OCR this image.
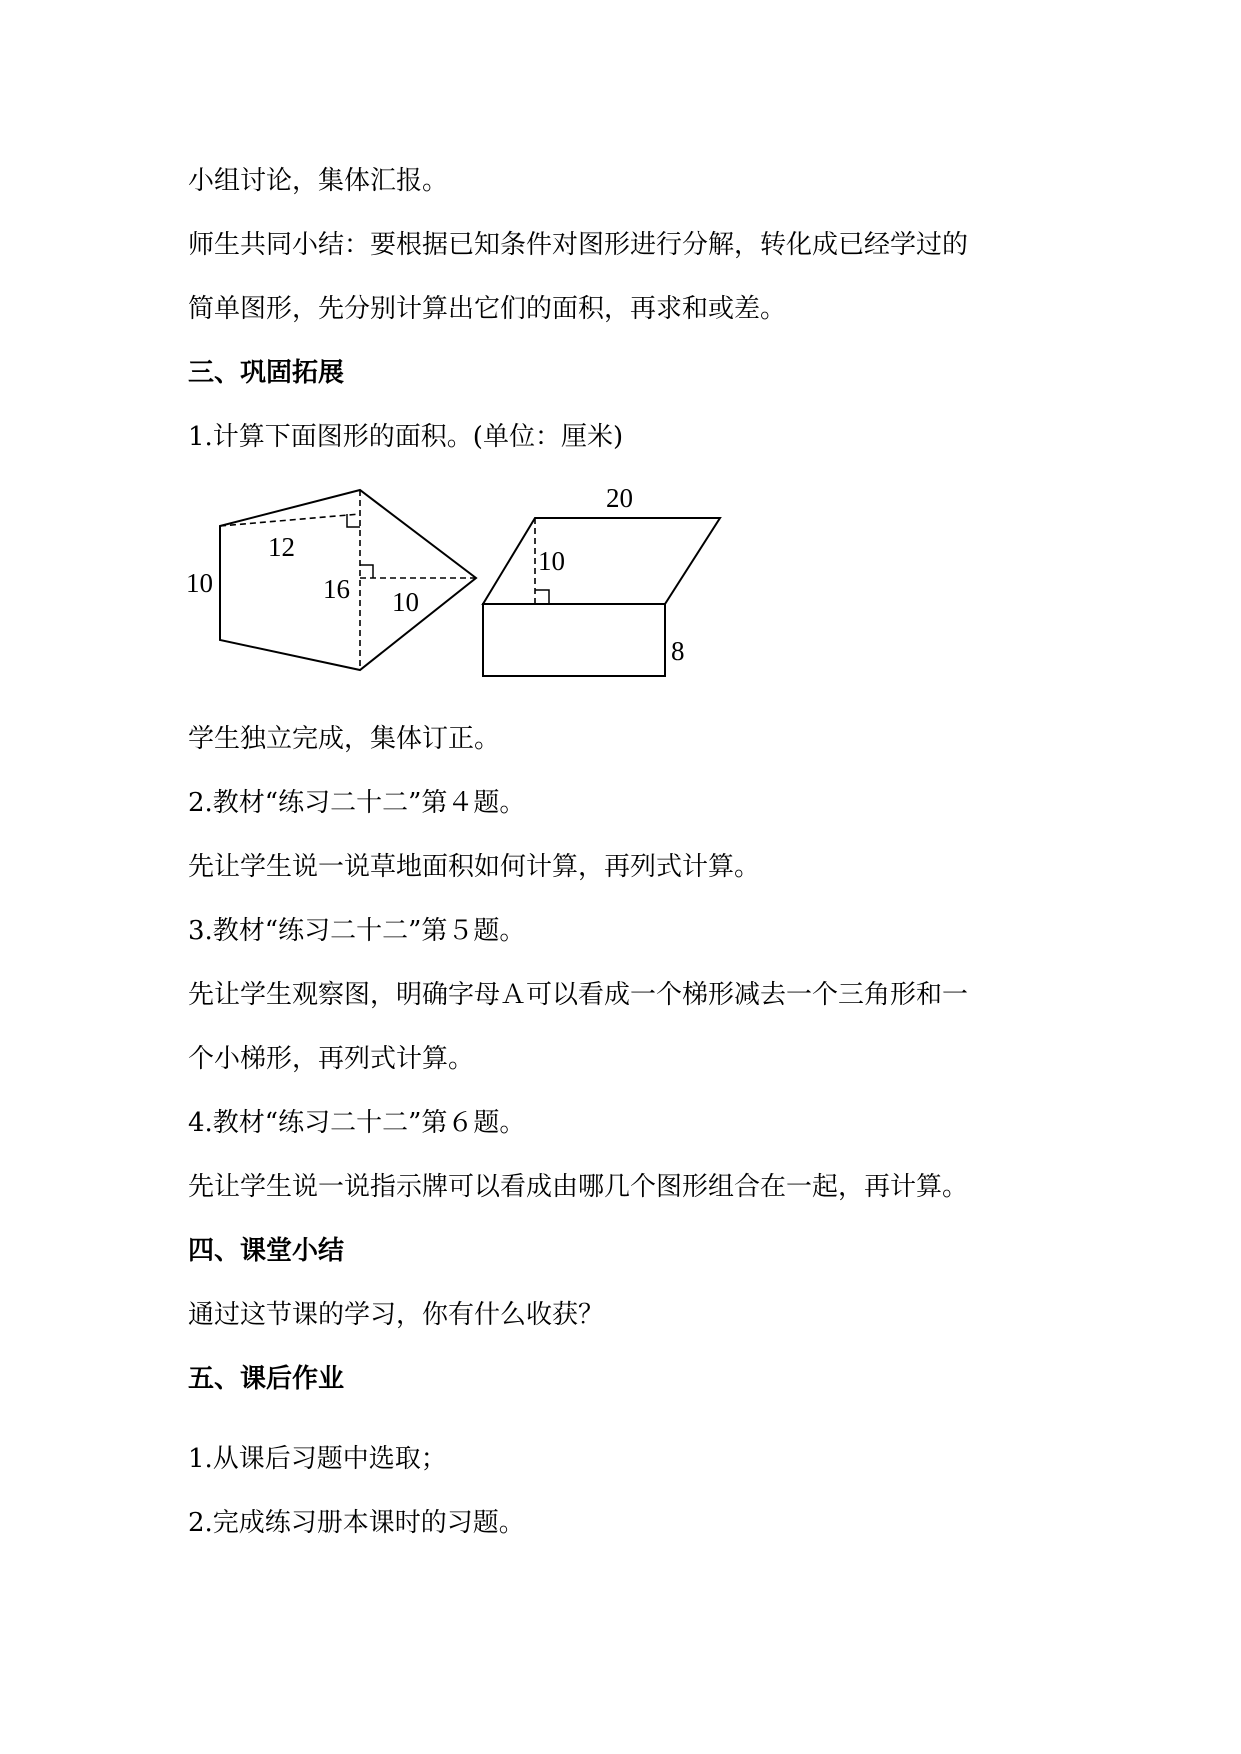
小组讨论，集体汇报。
师生共同小结：要根据已知条件对图形进行分解，转化成已经学过的
简单图形，先分别计算出它们的面积，再求和或差。
三、巩固拓展
1.计算下面图形的面积。(单位：厘米)
10
12
16 10
20
10
8
学生独立完成，集体订正。
2.教材“练习二十二”第４题。
先让学生说一说草地面积如何计算，再列式计算。
3.教材“练习二十二”第５题。
先让学生观察图，明确字母Ａ可以看成一个梯形减去一个三角形和一
个小梯形，再列式计算。
4.教材“练习二十二”第６题。
先让学生说一说指示牌可以看成由哪几个图形组合在一起，再计算。
四、课堂小结
通过这节课的学习，你有什么收获？
五、课后作业
1.从课后习题中选取；
2.完成练习册本课时的习题。
